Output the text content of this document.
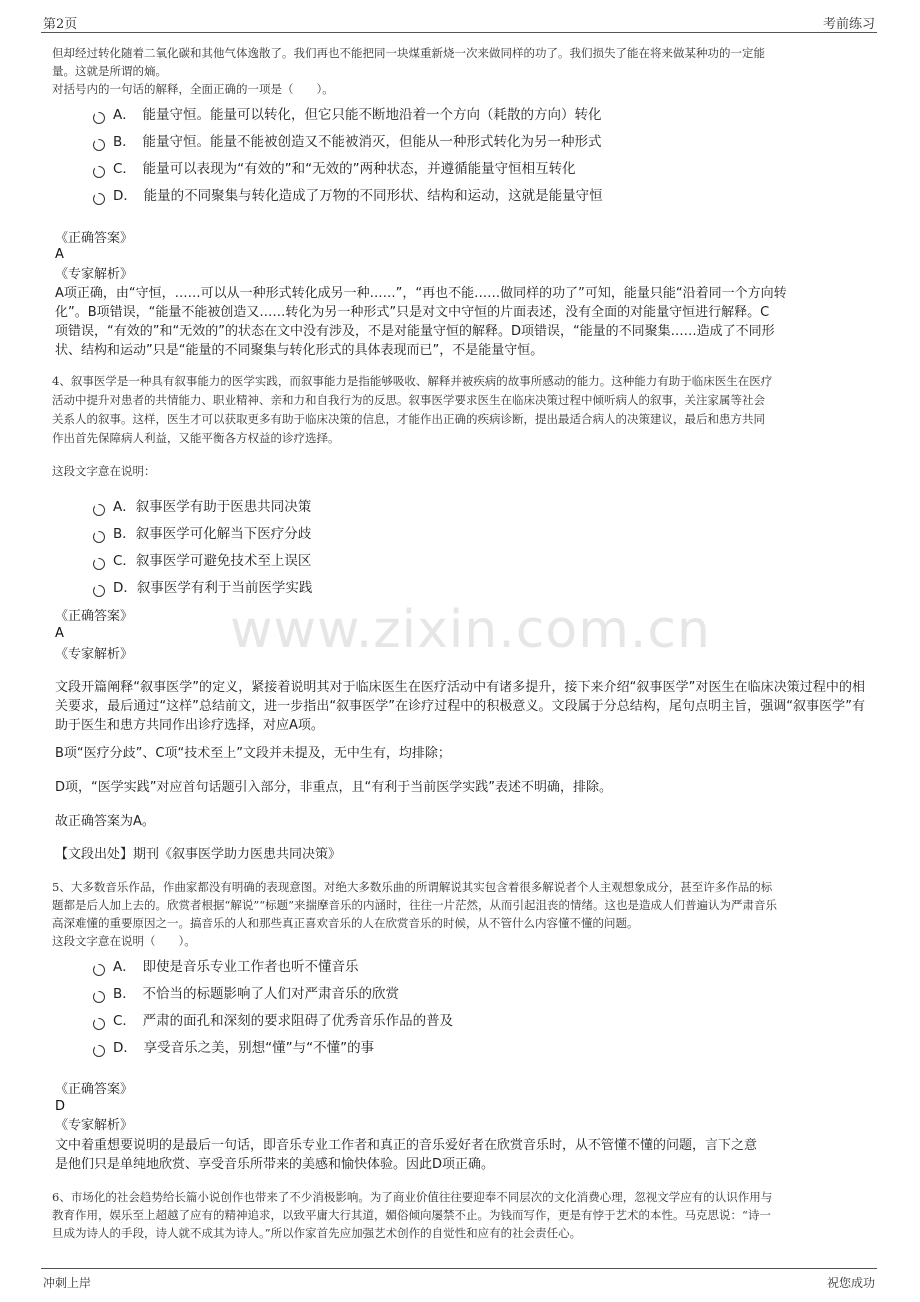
第2页	考前练习
www.zixin.com.cn
但却经过转化随着二氧化碳和其他气体逸散了。我们再也不能把同一块煤重新烧一次来做同样的功了。我们损失了能在将来做某种功的一定能
量。这就是所谓的熵。
对括号内的一句话的解释，全面正确的一项是（　　）。
A．　能量守恒。能量可以转化，但它只能不断地沿着一个方向（耗散的方向）转化
B．　能量守恒。能量不能被创造又不能被消灭，但能从一种形式转化为另一种形式
C．　能量可以表现为“有效的”和“无效的”两种状态，并遵循能量守恒相互转化
D．　能量的不同聚集与转化造成了万物的不同形状、结构和运动，这就是能量守恒
《正确答案》
A
《专家解析》
A项正确，由“守恒，……可以从一种形式转化成另一种……”，“再也不能……做同样的功了”可知，能量只能“沿着同一个方向转
化”。B项错误，“能量不能被创造又……转化为另一种形式”只是对文中守恒的片面表述，没有全面的对能量守恒进行解释。C
项错误，“有效的”和“无效的”的状态在文中没有涉及，不是对能量守恒的解释。D项错误，“能量的不同聚集……造成了不同形
状、结构和运动”只是“能量的不同聚集与转化形式的具体表现而已”，不是能量守恒。
4、叙事医学是一种具有叙事能力的医学实践，而叙事能力是指能够吸收、解释并被疾病的故事所感动的能力。这种能力有助于临床医生在医疗
活动中提升对患者的共情能力、职业精神、亲和力和自我行为的反思。叙事医学要求医生在临床决策过程中倾听病人的叙事，关注家属等社会
关系人的叙事。这样，医生才可以获取更多有助于临床决策的信息，才能作出正确的疾病诊断，提出最适合病人的决策建议，最后和患方共同
作出首先保障病人利益，又能平衡各方权益的诊疗选择。
这段文字意在说明：
A．叙事医学有助于医患共同决策
B．叙事医学可化解当下医疗分歧
C．叙事医学可避免技术至上误区
D．叙事医学有利于当前医学实践
《正确答案》
A
《专家解析》
文段开篇阐释“叙事医学”的定义，紧接着说明其对于临床医生在医疗活动中有诸多提升，接下来介绍“叙事医学”对医生在临床决策过程中的相关要求，最后通过“这样”总结前文，进一步指出“叙事医学”在诊疗过程中的积极意义。文段属于分总结构，尾句点明主旨，强调“叙事医学”有助于医生和患方共同作出诊疗选择，对应A项。
B项“医疗分歧”、C项“技术至上”文段并未提及，无中生有，均排除；
D项，“医学实践”对应首句话题引入部分，非重点，且“有利于当前医学实践”表述不明确，排除。
故正确答案为A。
【文段出处】期刊《叙事医学助力医患共同决策》
5、大多数音乐作品，作曲家都没有明确的表现意图。对绝大多数乐曲的所谓解说其实包含着很多解说者个人主观想象成分，甚至许多作品的标
题都是后人加上去的。欣赏者根据“解说”“标题”来揣摩音乐的内涵时，往往一片茫然，从而引起沮丧的情绪。这也是造成人们普遍认为严肃音乐
高深难懂的重要原因之一。搞音乐的人和那些真正喜欢音乐的人在欣赏音乐的时候，从不管什么内容懂不懂的问题。
这段文字意在说明（　　）。
A．　即使是音乐专业工作者也听不懂音乐
B．　不恰当的标题影响了人们对严肃音乐的欣赏
C．　严肃的面孔和深刻的要求阻碍了优秀音乐作品的普及
D．　享受音乐之美，别想“懂”与“不懂”的事
《正确答案》
D
《专家解析》
文中着重想要说明的是最后一句话，即音乐专业工作者和真正的音乐爱好者在欣赏音乐时，从不管懂不懂的问题，言下之意
是他们只是单纯地欣赏、享受音乐所带来的美感和愉快体验。因此D项正确。
6、市场化的社会趋势给长篇小说创作也带来了不少消极影响。为了商业价值往往要迎奉不同层次的文化消费心理，忽视文学应有的认识作用与
教育作用，娱乐至上超越了应有的精神追求，以致平庸大行其道，媚俗倾向屡禁不止。为钱而写作，更是有悖于艺术的本性。马克思说：“诗一
旦成为诗人的手段，诗人就不成其为诗人。”所以作家首先应加强艺术创作的自觉性和应有的社会责任心。
冲刺上岸	祝您成功
